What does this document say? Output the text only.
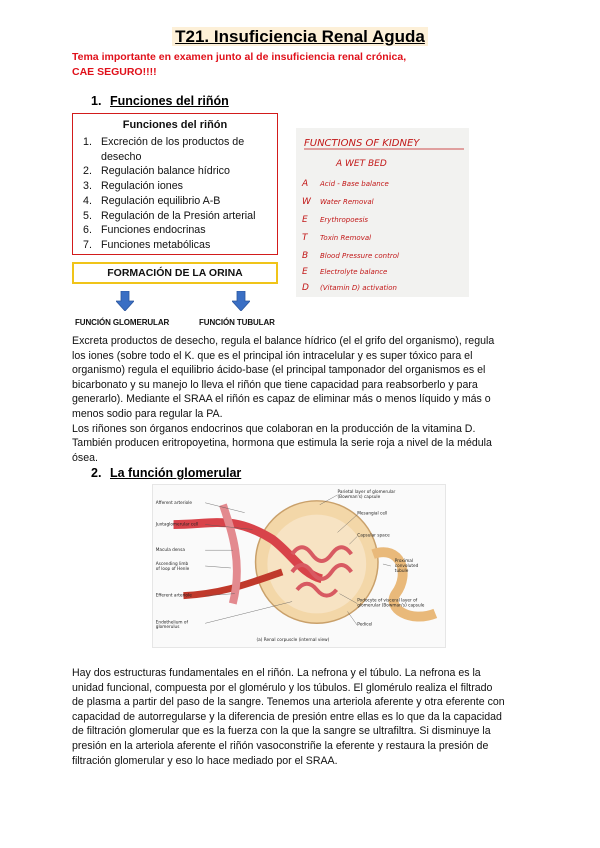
T21. Insuficiencia Renal Aguda
Tema importante en examen junto al de insuficiencia renal crónica,
CAE SEGURO!!!!
1. Funciones del riñón
Funciones del riñón
1. Excreción de los productos de
desecho
2. Regulación balance hídrico
3. Regulación iones
4. Regulación equilibrio A-B
5. Regulación de la Presión arterial
6. Funciones endocrinas
7. Funciones metabólicas
FORMACIÓN DE LA ORINA
FUNCIÓN GLOMERULAR	FUNCIÓN TUBULAR
FUNCTIONS OF KIDNEY
A WET BED
A Acid - Base balance
W Water Removal
E Erythropoesis
T Toxin Removal
B Blood Pressure control
E Electrolyte balance
D (Vitamin D) activation

Excreta productos de desecho, regula el balance hídrico (el el grifo del organismo), regula

los iones (sobre todo el K. que es el principal ión intracelular y es super tóxico para el

organismo) regula el equilibrio ácido-base (el principal tamponador del organismos es el

bicarbonato y su manejo lo lleva el riñón que tiene capacidad para reabsorberlo y para

generarlo). Mediante el SRAA el riñón es capaz de eliminar más o menos líquido y más o

menos sodio para regular la PA.

Los riñones son órganos endocrinos que colaboran en la producción de la vitamina D.

También producen eritropoyetina, hormona que estimula la serie roja a nivel de la médula

ósea.

2. La función glomerular
Afferent arteriole
Juxtaglomerular cell
Macula densa
Ascending limb
of loop of Henle
Efferent arteriole
Endothelium of
glomerulus
Parietal layer of glomerular
(Bowman's) capsule
Mesangial cell
Capsular space
Proximal
convoluted
tubule
Podocyte of visceral layer of
glomerular (Bowman's) capsule
Pedicel
(a) Renal corpuscle (internal view)

Hay dos estructuras fundamentales en el riñón. La nefrona y el túbulo. La nefrona es la

unidad funcional, compuesta por el glomérulo y los túbulos. El glomérulo realiza el filtrado

de plasma a partir del paso de la sangre. Tenemos una arteriola aferente y otra eferente con

capacidad de autorregularse y la diferencia de presión entre ellas es lo que da la capacidad

de filtración glomerular que es la fuerza con la que la sangre se ultrafiltra. Si disminuye la

presión en la arteriola aferente el riñón vasoconstriñe la eferente y restaura la presión de

filtración glomerular y eso lo hace mediado por el SRAA.
